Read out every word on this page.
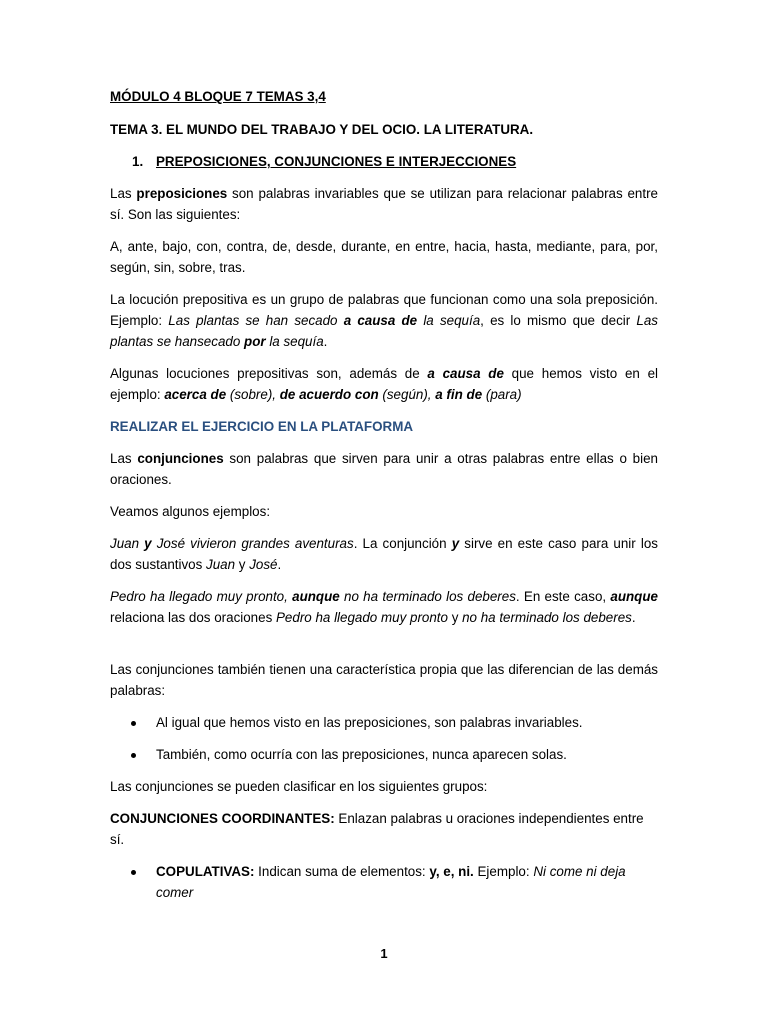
MÓDULO 4 BLOQUE 7 TEMAS 3,4

TEMA 3. EL MUNDO DEL TRABAJO Y DEL OCIO. LA LITERATURA.

1. PREPOSICIONES, CONJUNCIONES E INTERJECCIONES

Las preposiciones son palabras invariables que se utilizan para relacionar palabras entre sí. Son las siguientes:

A, ante, bajo, con, contra, de, desde, durante, en entre, hacia, hasta, mediante, para, por, según, sin, sobre, tras.

La locución prepositiva es un grupo de palabras que funcionan como una sola preposición. Ejemplo: Las plantas se han secado a causa de la sequía, es lo mismo que decir Las plantas se hansecado por la sequía.

Algunas locuciones prepositivas son, además de a causa de que hemos visto en el ejemplo: acerca de (sobre), de acuerdo con (según), a fin de (para)

REALIZAR EL EJERCICIO EN LA PLATAFORMA

Las conjunciones son palabras que sirven para unir a otras palabras entre ellas o bien oraciones.

Veamos algunos ejemplos:

Juan y José vivieron grandes aventuras. La conjunción y sirve en este caso para unir los dos sustantivos Juan y José.

Pedro ha llegado muy pronto, aunque no ha terminado los deberes. En este caso, aunque relaciona las dos oraciones Pedro ha llegado muy pronto y no ha terminado los deberes.

Las conjunciones también tienen una característica propia que las diferencian de las demás palabras:

Al igual que hemos visto en las preposiciones, son palabras invariables.
También, como ocurría con las preposiciones, nunca aparecen solas.

Las conjunciones se pueden clasificar en los siguientes grupos:

CONJUNCIONES COORDINANTES: Enlazan palabras u oraciones independientes entre sí.

COPULATIVAS: Indican suma de elementos: y, e, ni. Ejemplo: Ni come ni deja comer
1
